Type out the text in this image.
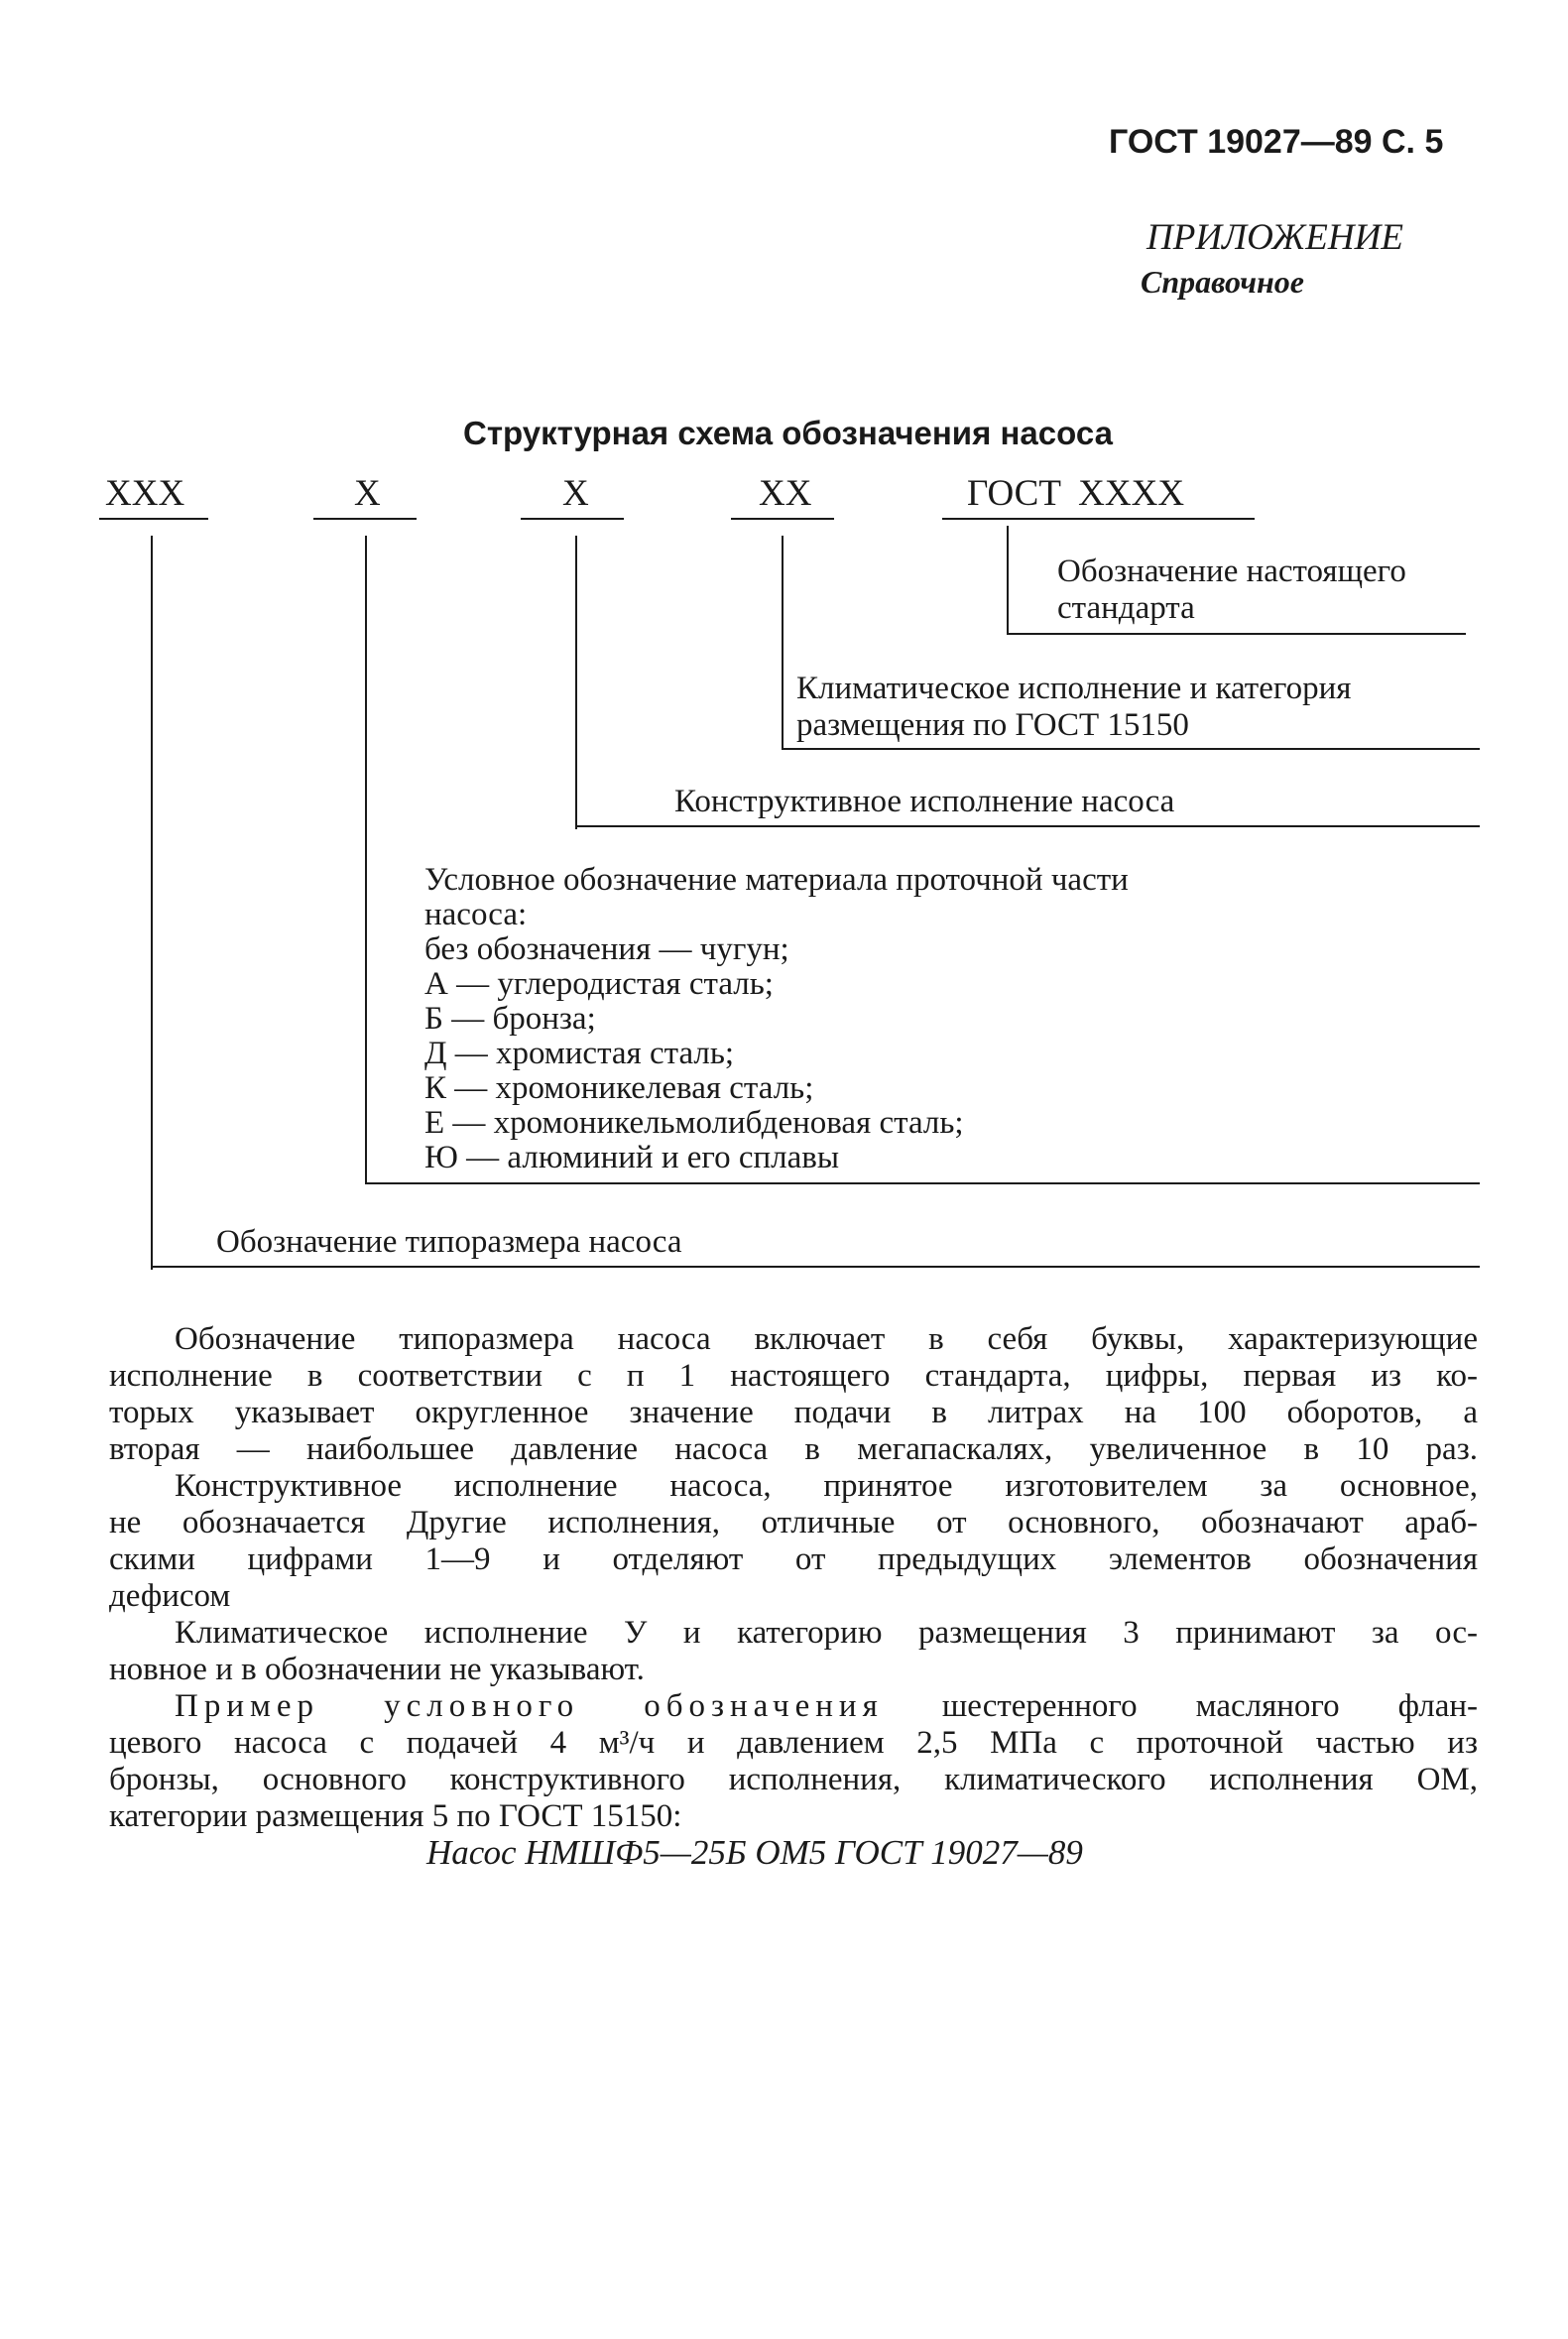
ГОСТ 19027—89 С. 5
ПРИЛОЖЕНИЕ
Справочное
Структурная схема обозначения насоса
ХХХ	Х	Х	ХХ	ГОСТ ХХХХ
Обозначение настоящего
стандарта
Климатическое исполнение и категория
размещения по ГОСТ 15150
Конструктивное исполнение насоса
Условное обозначение материала проточной части
насоса:
без обозначения — чугун;
А — углеродистая сталь;
Б — бронза;
Д — хромистая сталь;
К — хромоникелевая сталь;
Е — хромоникельмолибденовая сталь;
Ю — алюминий и его сплавы
Обозначение типоразмера насоса
Обозначение типоразмера насоса включает в себя буквы, характеризующие
исполнение в соответствии с п 1 настоящего стандарта, цифры, первая из ко-
торых указывает округленное значение подачи в литрах на 100 оборотов, а
вторая — наибольшее давление насоса в мегапаскалях, увеличенное в 10 раз.
Конструктивное исполнение насоса, принятое изготовителем за основное,
не обозначается Другие исполнения, отличные от основного, обозначают араб-
скими цифрами 1—9 и отделяют от предыдущих элементов обозначения
дефисом
Климатическое исполнение У и категорию размещения 3 принимают за ос-
новное и в обозначении не указывают.
Пример условного обозначения шестеренного масляного флан-
цевого насоса с подачей 4 м³/ч и давлением 2,5 МПа с проточной частью из
бронзы, основного конструктивного исполнения, климатического исполнения ОМ,
категории размещения 5 по ГОСТ 15150:
Насос НМШФ5—25Б ОМ5 ГОСТ 19027—89
